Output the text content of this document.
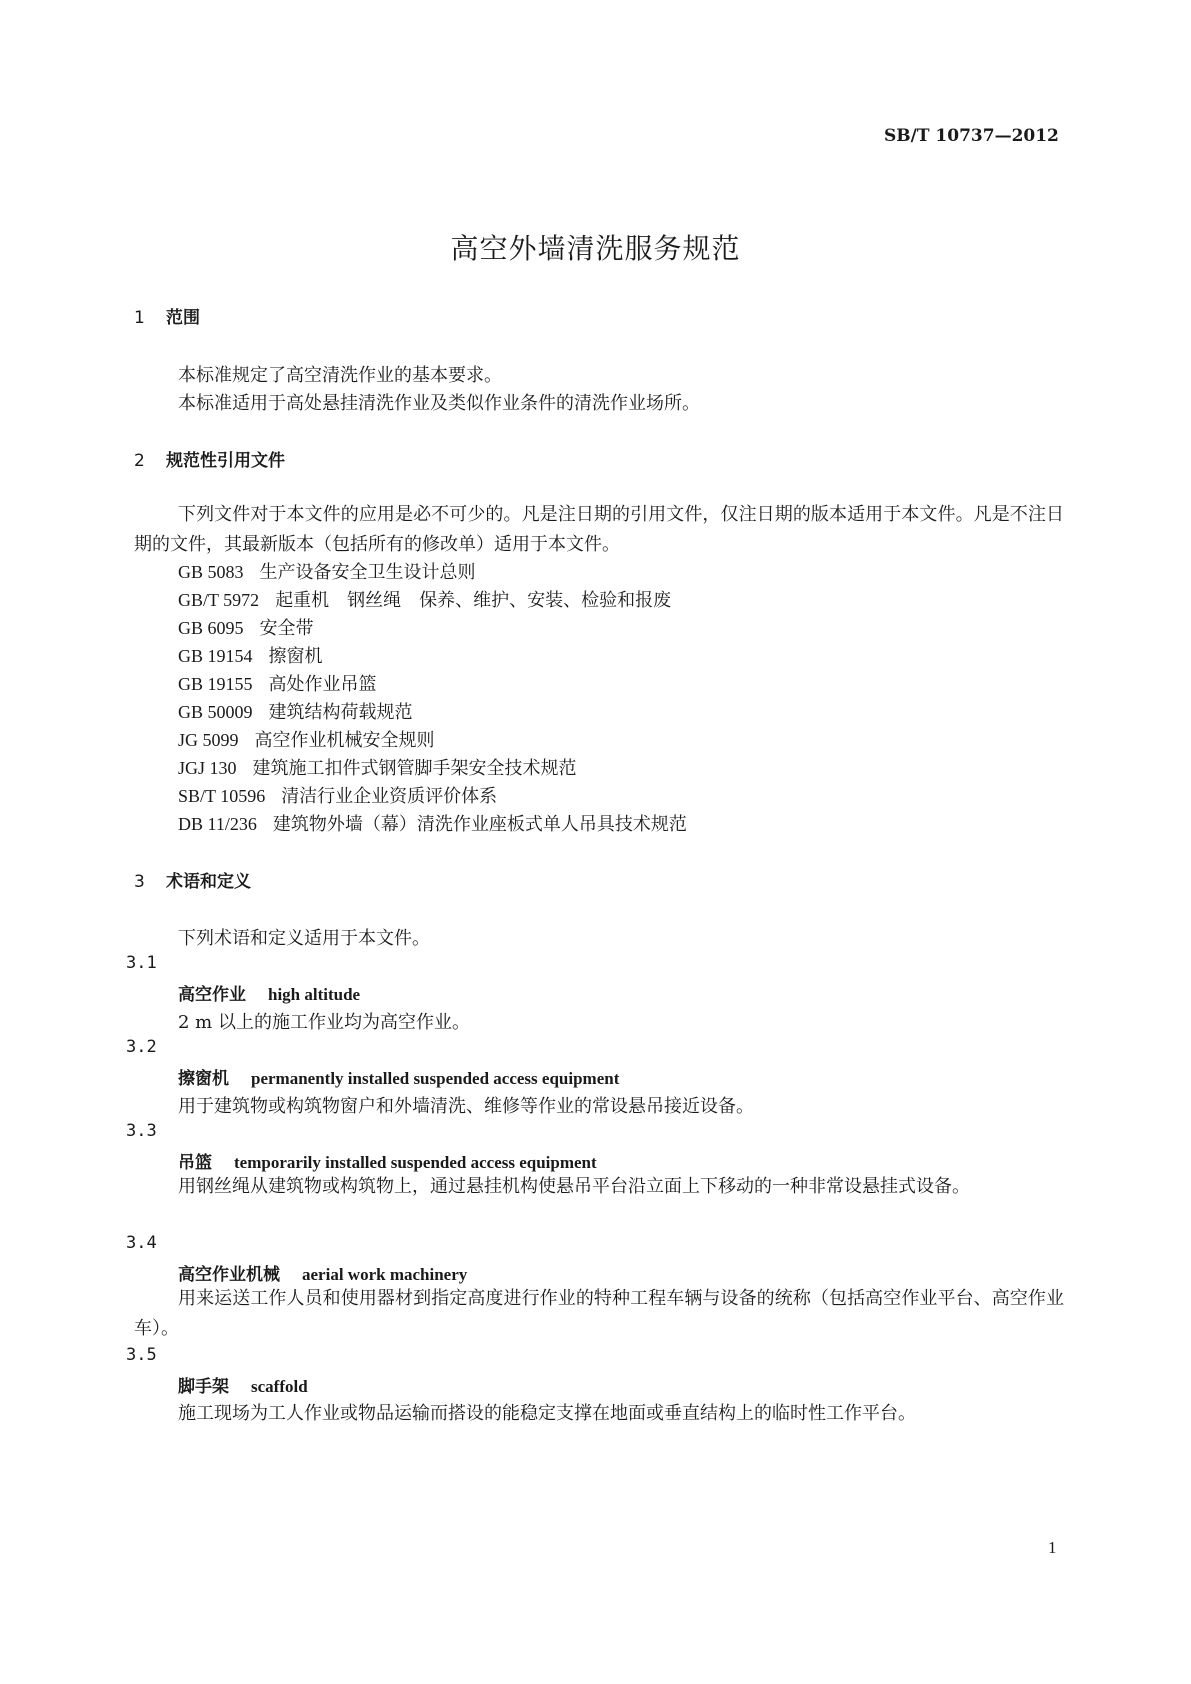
SB/T 10737—2012
高空外墙清洗服务规范
1 范围
本标准规定了高空清洗作业的基本要求。
本标准适用于高处悬挂清洗作业及类似作业条件的清洗作业场所。
2 规范性引用文件
下列文件对于本文件的应用是必不可少的。凡是注日期的引用文件，仅注日期的版本适用于本文件。凡是不注日期的文件，其最新版本（包括所有的修改单）适用于本文件。
GB 5083 生产设备安全卫生设计总则
GB/T 5972 起重机　钢丝绳　保养、维护、安装、检验和报废
GB 6095 安全带
GB 19154 擦窗机
GB 19155 高处作业吊篮
GB 50009 建筑结构荷载规范
JG 5099 高空作业机械安全规则
JGJ 130 建筑施工扣件式钢管脚手架安全技术规范
SB/T 10596 清洁行业企业资质评价体系
DB 11/236 建筑物外墙（幕）清洗作业座板式单人吊具技术规范
3 术语和定义
下列术语和定义适用于本文件。
3.1
高空作业 high altitude
2 m 以上的施工作业均为高空作业。
3.2
擦窗机 permanently installed suspended access equipment
用于建筑物或构筑物窗户和外墙清洗、维修等作业的常设悬吊接近设备。
3.3
吊篮 temporarily installed suspended access equipment
用钢丝绳从建筑物或构筑物上，通过悬挂机构使悬吊平台沿立面上下移动的一种非常设悬挂式设备。
3.4
高空作业机械 aerial work machinery
用来运送工作人员和使用器材到指定高度进行作业的特种工程车辆与设备的统称（包括高空作业平台、高空作业车）。
3.5
脚手架 scaffold
施工现场为工人作业或物品运输而搭设的能稳定支撑在地面或垂直结构上的临时性工作平台。
1
